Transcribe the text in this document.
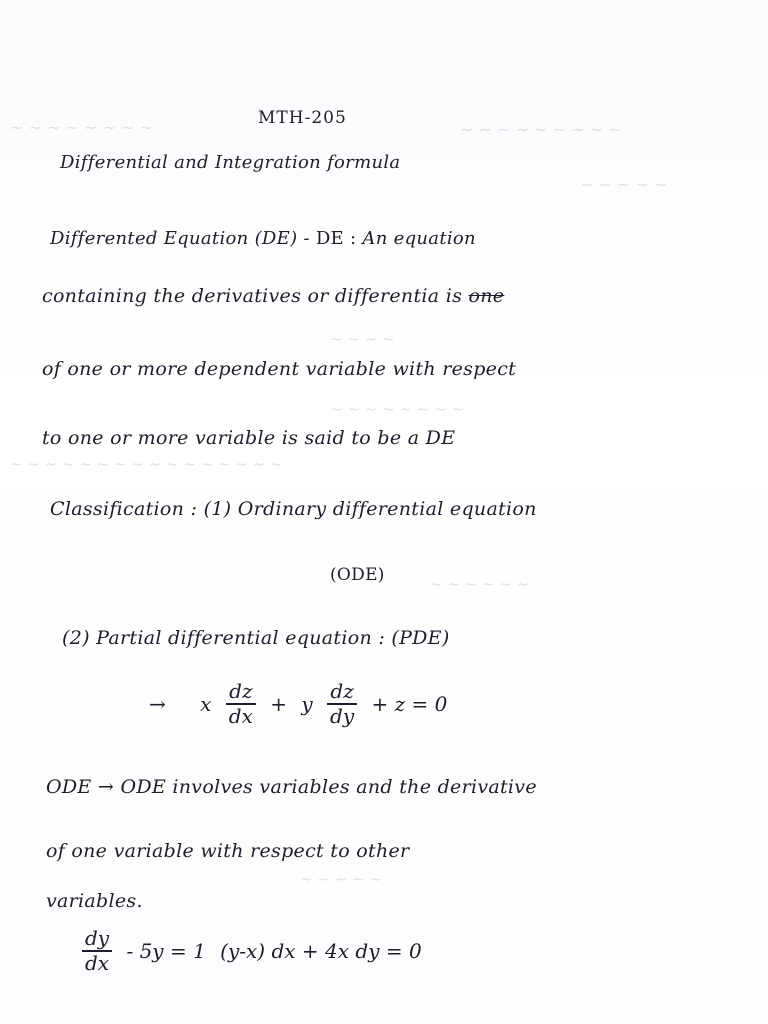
~ ~ ~ ~ ~ ~ ~ ~	~ ~ ~ ~ ~ ~ ~ ~ ~
~ ~ ~ ~ ~
~ ~ ~ ~
~ ~ ~ ~ ~ ~ ~ ~
~ ~ ~ ~ ~ ~ ~ ~ ~ ~ ~ ~ ~ ~ ~ ~
~ ~ ~ ~ ~ ~
~ ~ ~ ~ ~
MTH-205
Differential and Integration formula
Differented Equation (DE) - DE : An equation
containing the derivatives or differentia is one
of one or more dependent variable with respect
to one or more variable is said to be a DE
Classification : (1) Ordinary differential equation
(ODE)
(2) Partial differential equation : (PDE)
→ x $\frac{dz}{dx} + y \frac{dz}{dy} + z = 0$
ODE → ODE involves variables and the derivative
of one variable with respect to other
variables.
$\frac{dy}{dx} - 5y = 1$ (y-x) dx + 4x dy = 0
